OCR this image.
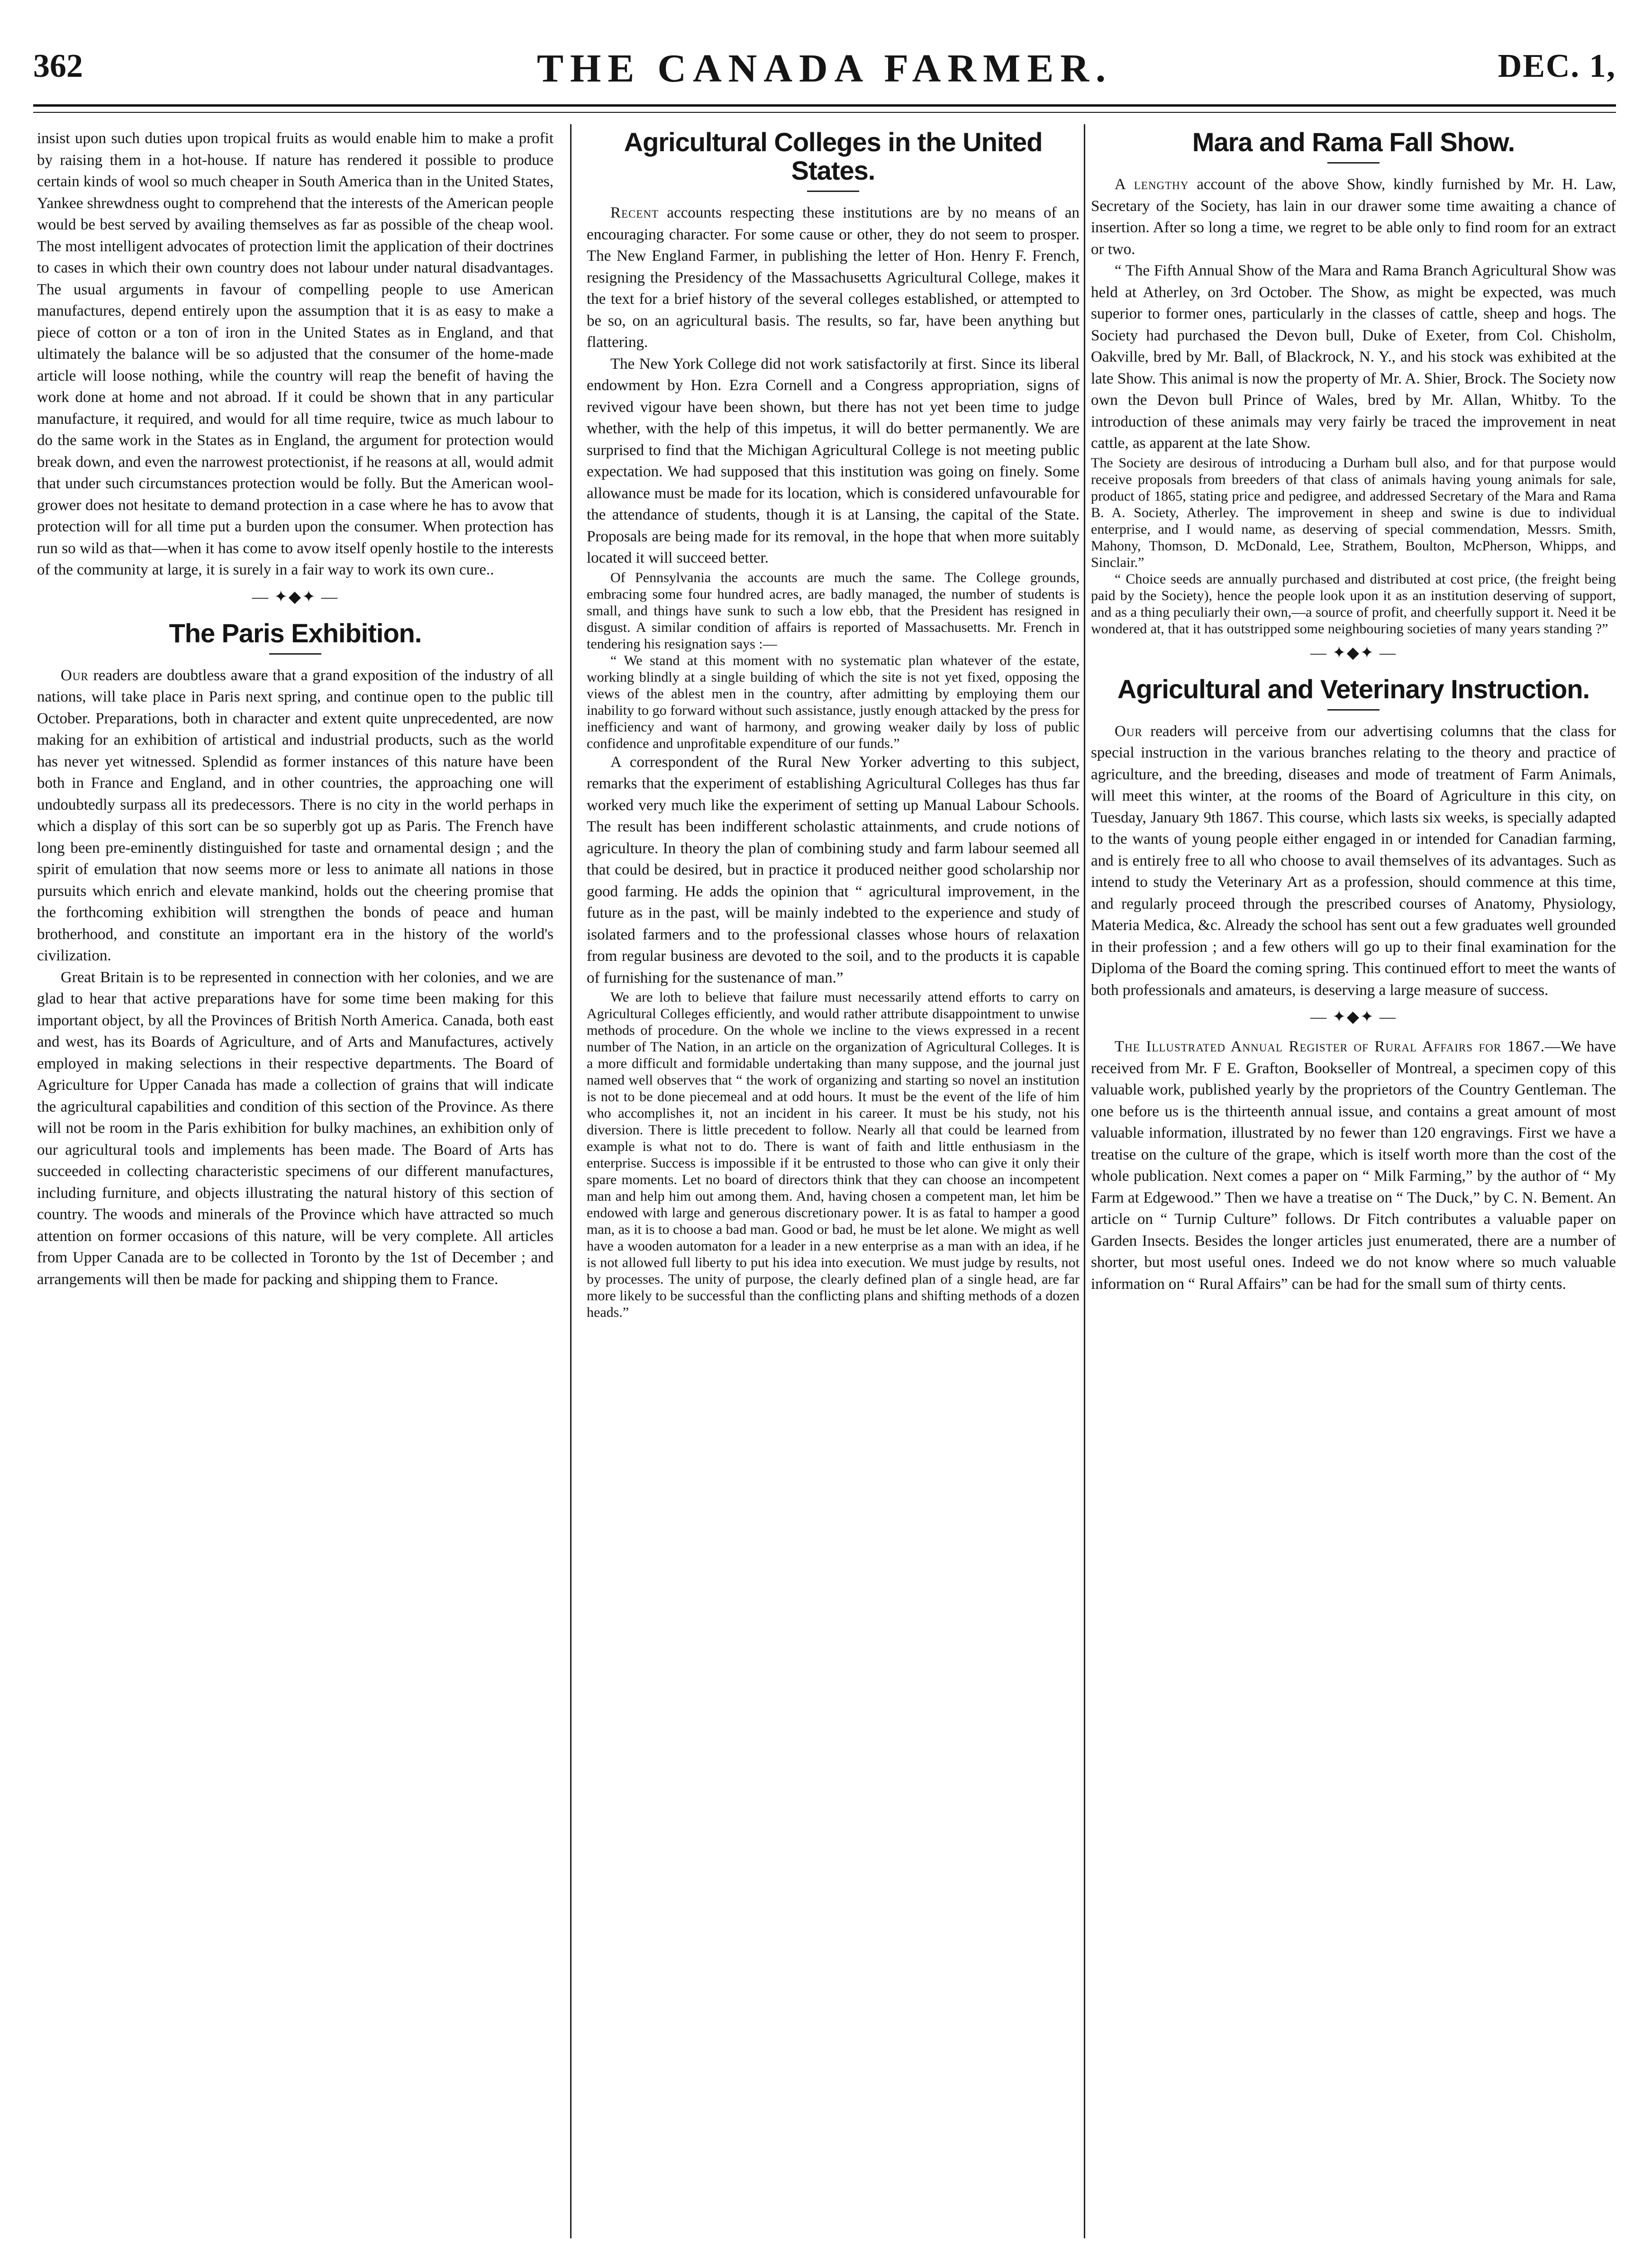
362	THE CANADA FARMER.	DEC. 1,

insist upon such duties upon tropical fruits as would enable him to make a profit by raising them in a hot-house. If nature has rendered it possible to produce certain kinds of wool so much cheaper in South America than in the United States, Yankee shrewdness ought to comprehend that the interests of the American people would be best served by availing themselves as far as possible of the cheap wool. The most intelligent advocates of protection limit the application of their doctrines to cases in which their own country does not labour under natural disadvantages. The usual arguments in favour of compelling people to use American manufactures, depend entirely upon the assumption that it is as easy to make a piece of cotton or a ton of iron in the United States as in England, and that ultimately the balance will be so adjusted that the consumer of the home-made article will loose nothing, while the country will reap the benefit of having the work done at home and not abroad. If it could be shown that in any particular manufacture, it required, and would for all time require, twice as much labour to do the same work in the States as in England, the argument for protection would break down, and even the narrowest protectionist, if he reasons at all, would admit that under such circumstances protection would be folly. But the American wool-grower does not hesitate to demand protection in a case where he has to avow that protection will for all time put a burden upon the consumer. When protection has run so wild as that—when it has come to avow itself openly hostile to the interests of the community at large, it is surely in a fair way to work its own cure..

— ✦◆✦ —
The Paris Exhibition.

Our readers are doubtless aware that a grand exposition of the industry of all nations, will take place in Paris next spring, and continue open to the public till October. Preparations, both in character and extent quite unprecedented, are now making for an exhibition of artistical and industrial products, such as the world has never yet witnessed. Splendid as former instances of this nature have been both in France and England, and in other countries, the approaching one will undoubtedly surpass all its predecessors. There is no city in the world perhaps in which a display of this sort can be so superbly got up as Paris. The French have long been pre-eminently distinguished for taste and ornamental design ; and the spirit of emulation that now seems more or less to animate all nations in those pursuits which enrich and elevate mankind, holds out the cheering promise that the forthcoming exhibition will strengthen the bonds of peace and human brotherhood, and constitute an important era in the history of the world's civilization.

Great Britain is to be represented in connection with her colonies, and we are glad to hear that active preparations have for some time been making for this important object, by all the Provinces of British North America. Canada, both east and west, has its Boards of Agriculture, and of Arts and Manufactures, actively employed in making selections in their respective departments. The Board of Agriculture for Upper Canada has made a collection of grains that will indicate the agricultural capabilities and condition of this section of the Province. As there will not be room in the Paris exhibition for bulky machines, an exhibition only of our agricultural tools and implements has been made. The Board of Arts has succeeded in collecting characteristic specimens of our different manufactures, including furniture, and objects illustrating the natural history of this section of country. The woods and minerals of the Province which have attracted so much attention on former occasions of this nature, will be very complete. All articles from Upper Canada are to be collected in Toronto by the 1st of December ; and arrangements will then be made for packing and shipping them to France.

Agricultural Colleges in the United States.

Recent accounts respecting these institutions are by no means of an encouraging character. For some cause or other, they do not seem to prosper. The New England Farmer, in publishing the letter of Hon. Henry F. French, resigning the Presidency of the Massachusetts Agricultural College, makes it the text for a brief history of the several colleges established, or attempted to be so, on an agricultural basis. The results, so far, have been anything but flattering.

The New York College did not work satisfactorily at first. Since its liberal endowment by Hon. Ezra Cornell and a Congress appropriation, signs of revived vigour have been shown, but there has not yet been time to judge whether, with the help of this impetus, it will do better permanently. We are surprised to find that the Michigan Agricultural College is not meeting public expectation. We had supposed that this institution was going on finely. Some allowance must be made for its location, which is considered unfavourable for the attendance of students, though it is at Lansing, the capital of the State. Proposals are being made for its removal, in the hope that when more suitably located it will succeed better.

Of Pennsylvania the accounts are much the same. The College grounds, embracing some four hundred acres, are badly managed, the number of students is small, and things have sunk to such a low ebb, that the President has resigned in disgust. A similar condition of affairs is reported of Massachusetts. Mr. French in tendering his resignation says :—

“ We stand at this moment with no systematic plan whatever of the estate, working blindly at a single building of which the site is not yet fixed, opposing the views of the ablest men in the country, after admitting by employing them our inability to go forward without such assistance, justly enough attacked by the press for inefficiency and want of harmony, and growing weaker daily by loss of public confidence and unprofitable expenditure of our funds.”

A correspondent of the Rural New Yorker adverting to this subject, remarks that the experiment of establishing Agricultural Colleges has thus far worked very much like the experiment of setting up Manual Labour Schools. The result has been indifferent scholastic attainments, and crude notions of agriculture. In theory the plan of combining study and farm labour seemed all that could be desired, but in practice it produced neither good scholarship nor good farming. He adds the opinion that “ agricultural improvement, in the future as in the past, will be mainly indebted to the experience and study of isolated farmers and to the professional classes whose hours of relaxation from regular business are devoted to the soil, and to the products it is capable of furnishing for the sustenance of man.”

We are loth to believe that failure must necessarily attend efforts to carry on Agricultural Colleges efficiently, and would rather attribute disappointment to unwise methods of procedure. On the whole we incline to the views expressed in a recent number of The Nation, in an article on the organization of Agricultural Colleges. It is a more difficult and formidable undertaking than many suppose, and the journal just named well observes that “ the work of organizing and starting so novel an institution is not to be done piecemeal and at odd hours. It must be the event of the life of him who accomplishes it, not an incident in his career. It must be his study, not his diversion. There is little precedent to follow. Nearly all that could be learned from example is what not to do. There is want of faith and little enthusiasm in the enterprise. Success is impossible if it be entrusted to those who can give it only their spare moments. Let no board of directors think that they can choose an incompetent man and help him out among them. And, having chosen a competent man, let him be endowed with large and generous discretionary power. It is as fatal to hamper a good man, as it is to choose a bad man. Good or bad, he must be let alone. We might as well have a wooden automaton for a leader in a new enterprise as a man with an idea, if he is not allowed full liberty to put his idea into execution. We must judge by results, not by processes. The unity of purpose, the clearly defined plan of a single head, are far more likely to be successful than the conflicting plans and shifting methods of a dozen heads.”

Mara and Rama Fall Show.

A lengthy account of the above Show, kindly furnished by Mr. H. Law, Secretary of the Society, has lain in our drawer some time awaiting a chance of insertion. After so long a time, we regret to be able only to find room for an extract or two.

“ The Fifth Annual Show of the Mara and Rama Branch Agricultural Show was held at Atherley, on 3rd October. The Show, as might be expected, was much superior to former ones, particularly in the classes of cattle, sheep and hogs. The Society had purchased the Devon bull, Duke of Exeter, from Col. Chisholm, Oakville, bred by Mr. Ball, of Blackrock, N. Y., and his stock was exhibited at the late Show. This animal is now the property of Mr. A. Shier, Brock. The Society now own the Devon bull Prince of Wales, bred by Mr. Allan, Whitby. To the introduction of these animals may very fairly be traced the improvement in neat cattle, as apparent at the late Show.

The Society are desirous of introducing a Durham bull also, and for that purpose would receive proposals from breeders of that class of animals having young animals for sale, product of 1865, stating price and pedigree, and addressed Secretary of the Mara and Rama B. A. Society, Atherley. The improvement in sheep and swine is due to individual enterprise, and I would name, as deserving of special commendation, Messrs. Smith, Mahony, Thomson, D. McDonald, Lee, Strathem, Boulton, McPherson, Whipps, and Sinclair.”

“ Choice seeds are annually purchased and distributed at cost price, (the freight being paid by the Society), hence the people look upon it as an institution deserving of support, and as a thing peculiarly their own,—a source of profit, and cheerfully support it. Need it be wondered at, that it has outstripped some neighbouring societies of many years standing ?”

— ✦◆✦ —
Agricultural and Veterinary Instruction.

Our readers will perceive from our advertising columns that the class for special instruction in the various branches relating to the theory and practice of agriculture, and the breeding, diseases and mode of treatment of Farm Animals, will meet this winter, at the rooms of the Board of Agriculture in this city, on Tuesday, January 9th 1867. This course, which lasts six weeks, is specially adapted to the wants of young people either engaged in or intended for Canadian farming, and is entirely free to all who choose to avail themselves of its advantages. Such as intend to study the Veterinary Art as a profession, should commence at this time, and regularly proceed through the prescribed courses of Anatomy, Physiology, Materia Medica, &c. Already the school has sent out a few graduates well grounded in their profession ; and a few others will go up to their final examination for the Diploma of the Board the coming spring. This continued effort to meet the wants of both professionals and amateurs, is deserving a large measure of success.

— ✦◆✦ —

The Illustrated Annual Register of Rural Affairs for 1867.—We have received from Mr. F E. Grafton, Bookseller of Montreal, a specimen copy of this valuable work, published yearly by the proprietors of the Country Gentleman. The one before us is the thirteenth annual issue, and contains a great amount of most valuable information, illustrated by no fewer than 120 engravings. First we have a treatise on the culture of the grape, which is itself worth more than the cost of the whole publication. Next comes a paper on “ Milk Farming,” by the author of “ My Farm at Edgewood.” Then we have a treatise on “ The Duck,” by C. N. Bement. An article on “ Turnip Culture” follows. Dr Fitch contributes a valuable paper on Garden Insects. Besides the longer articles just enumerated, there are a number of shorter, but most useful ones. Indeed we do not know where so much valuable information on “ Rural Affairs” can be had for the small sum of thirty cents.
